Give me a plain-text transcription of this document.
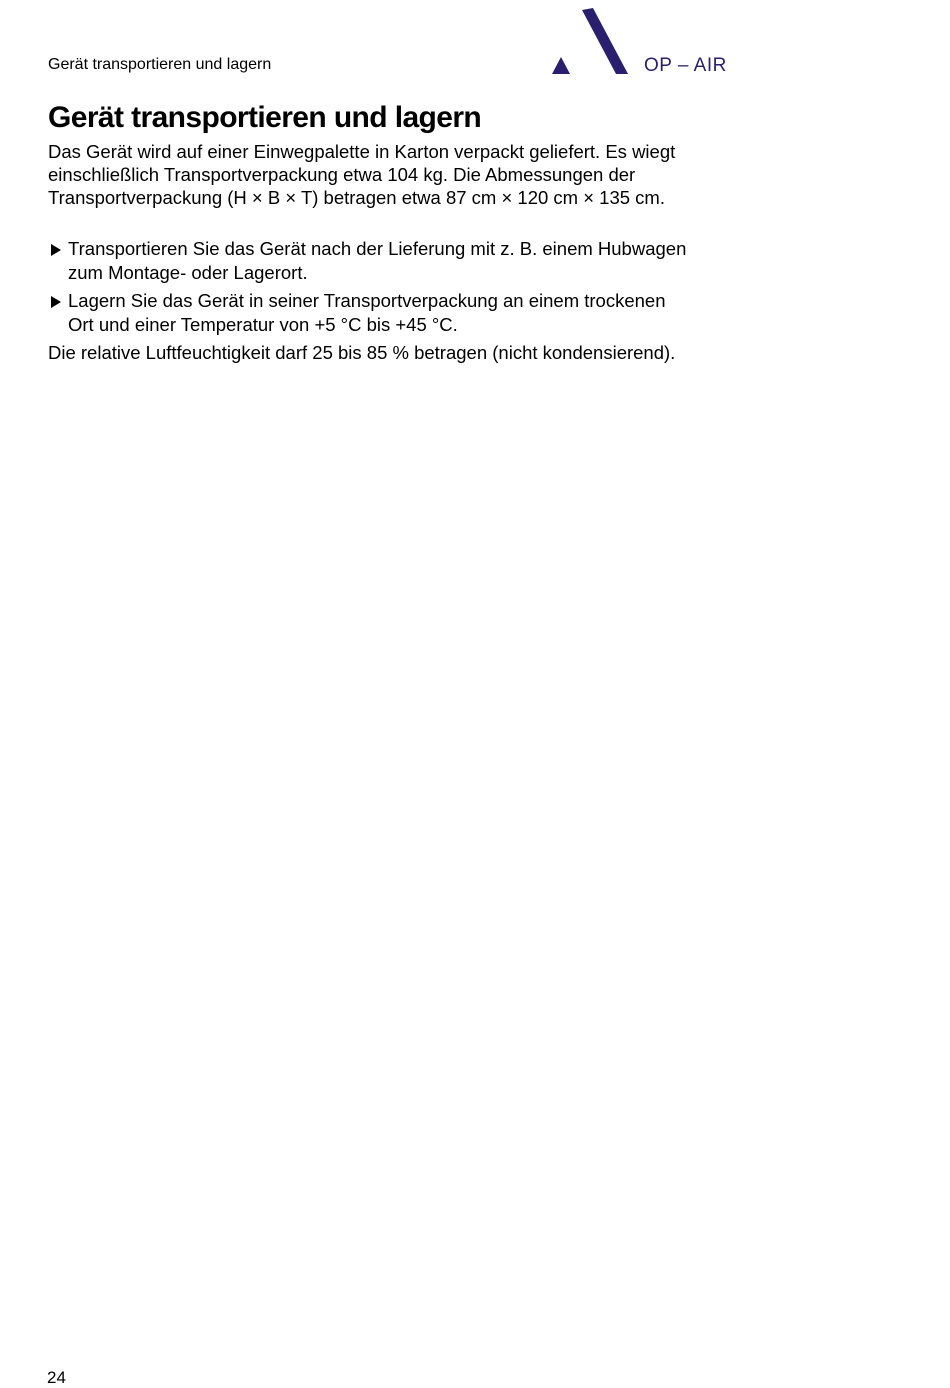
Gerät transportieren und lagern	OP – AIR
Gerät transportieren und lagern

Das Gerät wird auf einer Einwegpalette in Karton verpackt geliefert. Es wiegt
einschließlich Transportverpackung etwa 104 kg. Die Abmessungen der
Transportverpackung (H × B × T) betragen etwa 87 cm × 120 cm × 135 cm.

Transportieren Sie das Gerät nach der Lieferung mit z. B. einem Hubwagen
zum Montage- oder Lagerort.
Lagern Sie das Gerät in seiner Transportverpackung an einem trockenen
Ort und einer Temperatur von +5 °C bis +45 °C.

Die relative Luftfeuchtigkeit darf 25 bis 85 % betragen (nicht kondensierend).

24
